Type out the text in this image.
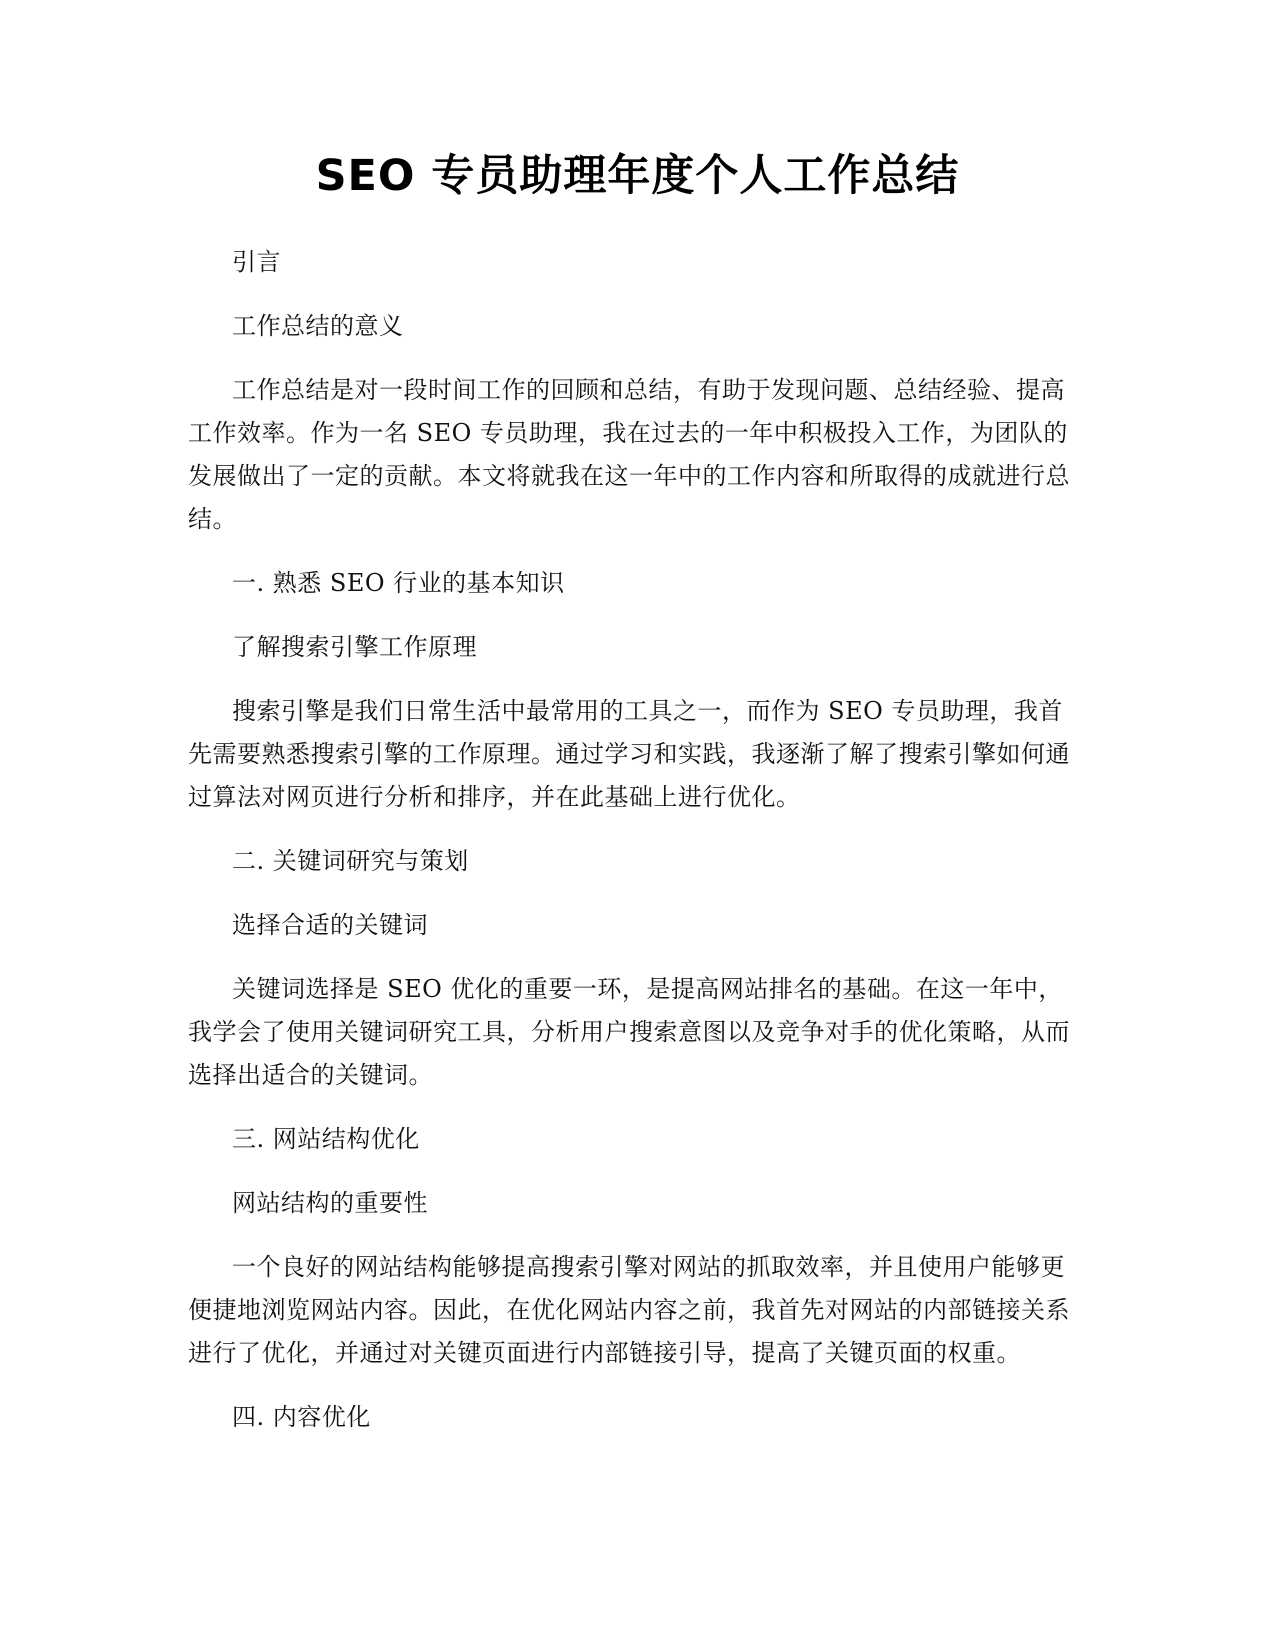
SEO 专员助理年度个人工作总结

引言

工作总结的意义

工作总结是对一段时间工作的回顾和总结，有助于发现问题、总结经验、提高

工作效率。作为一名 SEO 专员助理，我在过去的一年中积极投入工作，为团队的

发展做出了一定的贡献。本文将就我在这一年中的工作内容和所取得的成就进行总

结。

一. 熟悉 SEO 行业的基本知识

了解搜索引擎工作原理

搜索引擎是我们日常生活中最常用的工具之一，而作为 SEO 专员助理，我首

先需要熟悉搜索引擎的工作原理。通过学习和实践，我逐渐了解了搜索引擎如何通

过算法对网页进行分析和排序，并在此基础上进行优化。

二. 关键词研究与策划

选择合适的关键词

关键词选择是 SEO 优化的重要一环，是提高网站排名的基础。在这一年中，

我学会了使用关键词研究工具，分析用户搜索意图以及竞争对手的优化策略，从而

选择出适合的关键词。

三. 网站结构优化

网站结构的重要性

一个良好的网站结构能够提高搜索引擎对网站的抓取效率，并且使用户能够更

便捷地浏览网站内容。因此，在优化网站内容之前，我首先对网站的内部链接关系

进行了优化，并通过对关键页面进行内部链接引导，提高了关键页面的权重。

四. 内容优化
